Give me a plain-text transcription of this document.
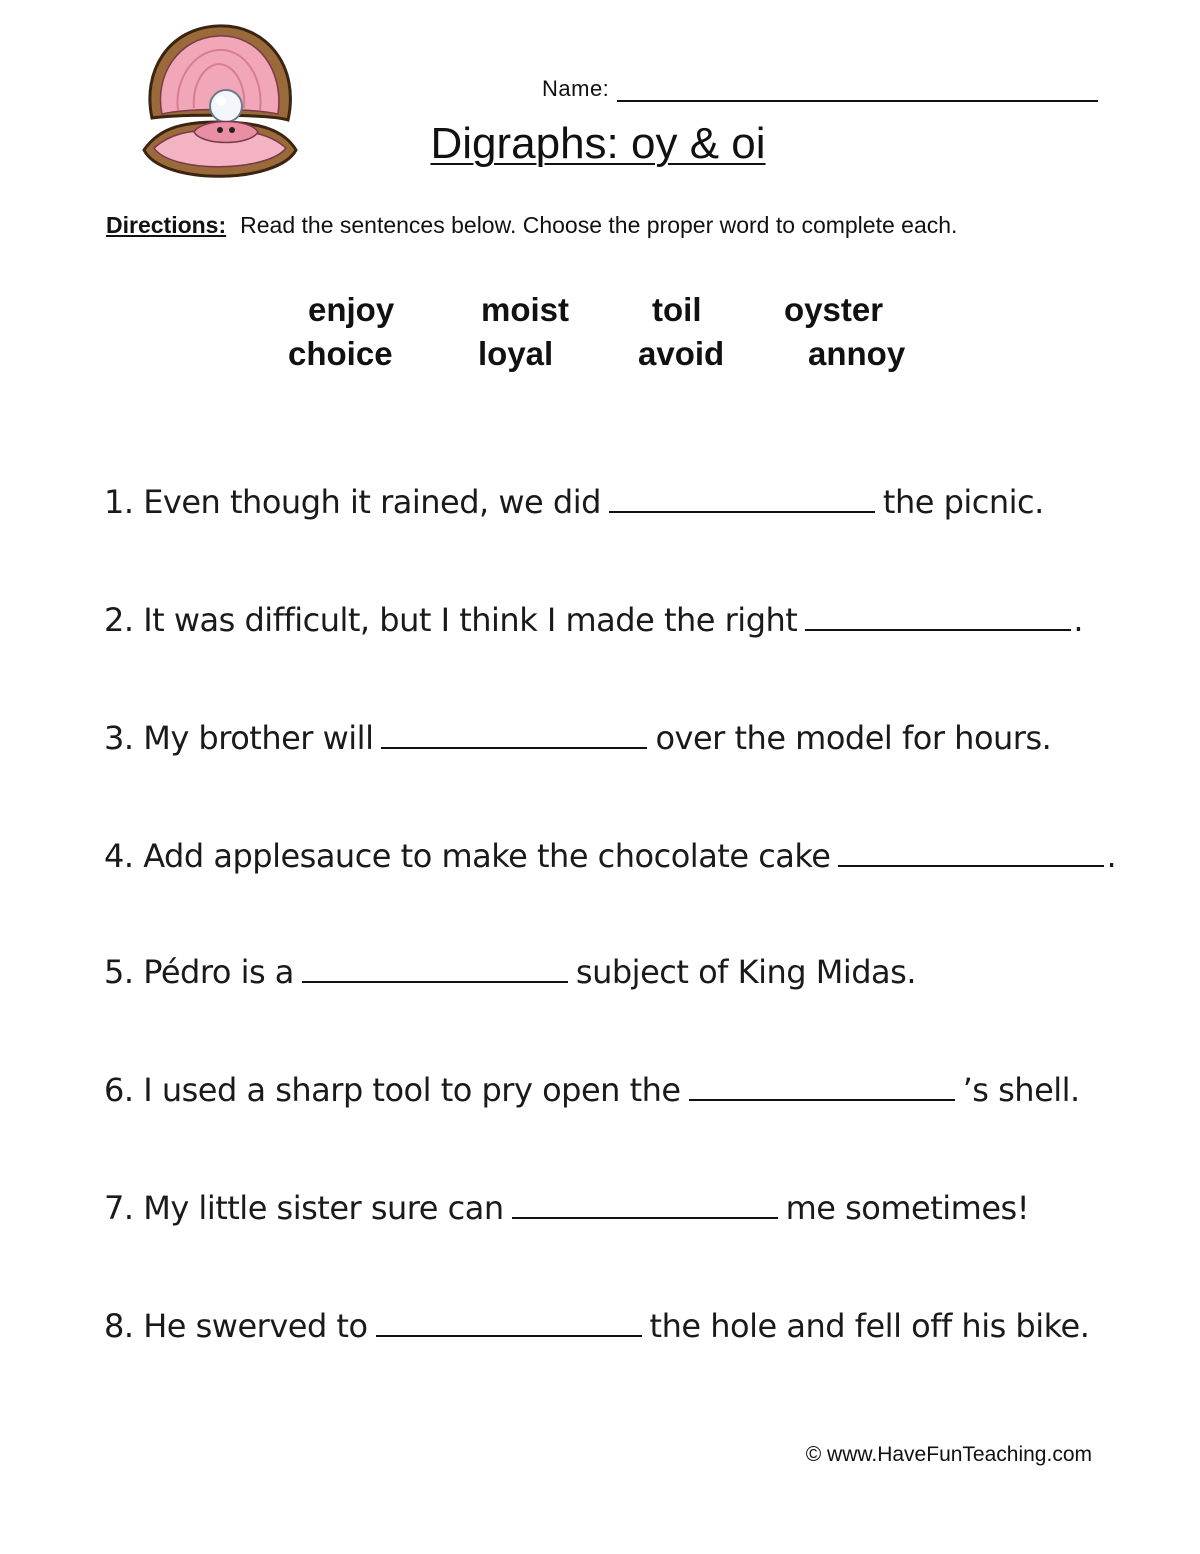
Name:
Digraphs: oy & oi
Directions: Read the sentences below. Choose the proper word to complete each.
enjoy	moist	toil	oyster
choice	loyal	avoid	annoy
1. Even though it rained, we did	the picnic.
2. It was difficult, but I think I made the right	.
3. My brother will	over the model for hours.
4. Add applesauce to make the chocolate cake	.
5. Pédro is a	subject of King Midas.
6. I used a sharp tool to pry open the	’s shell.
7. My little sister sure can	me sometimes!
8. He swerved to	the hole and fell off his bike.
© www.HaveFunTeaching.com
